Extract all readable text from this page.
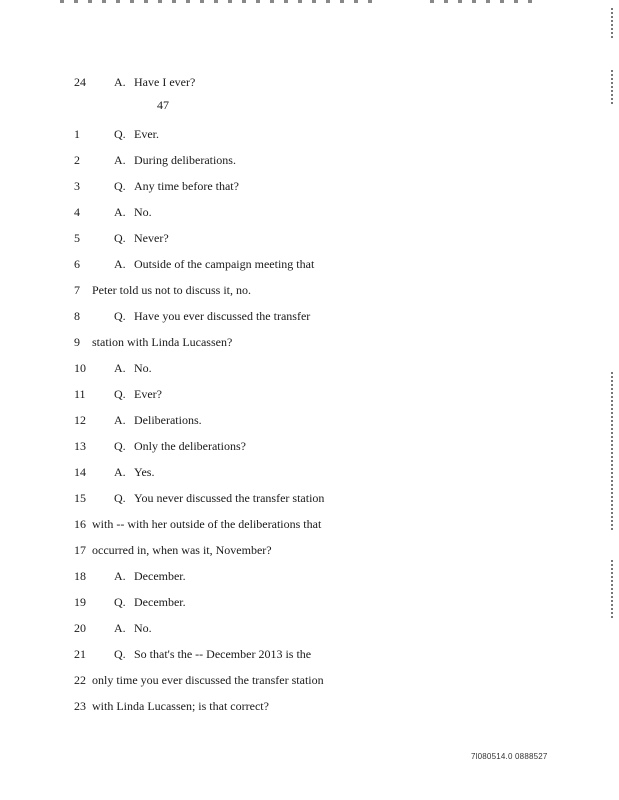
47
24	A. Have I ever?
1	Q. Ever.
2	A. During deliberations.
3	Q. Any time before that?
4	A. No.
5	Q. Never?
6	A. Outside of the campaign meeting that
7	Peter told us not to discuss it, no.
8	Q. Have you ever discussed the transfer
9	station with Linda Lucassen?
10	A. No.
11	Q. Ever?
12	A. Deliberations.
13	Q. Only the deliberations?
14	A. Yes.
15	Q. You never discussed the transfer station
16 with -- with her outside of the deliberations that
17 occurred in, when was it, November?
18	A. December.
19	Q. December.
20	A. No.
21	Q. So that's the -- December 2013 is the
22 only time you ever discussed the transfer station
23 with Linda Lucassen; is that correct?
7l080514.0 0888527
